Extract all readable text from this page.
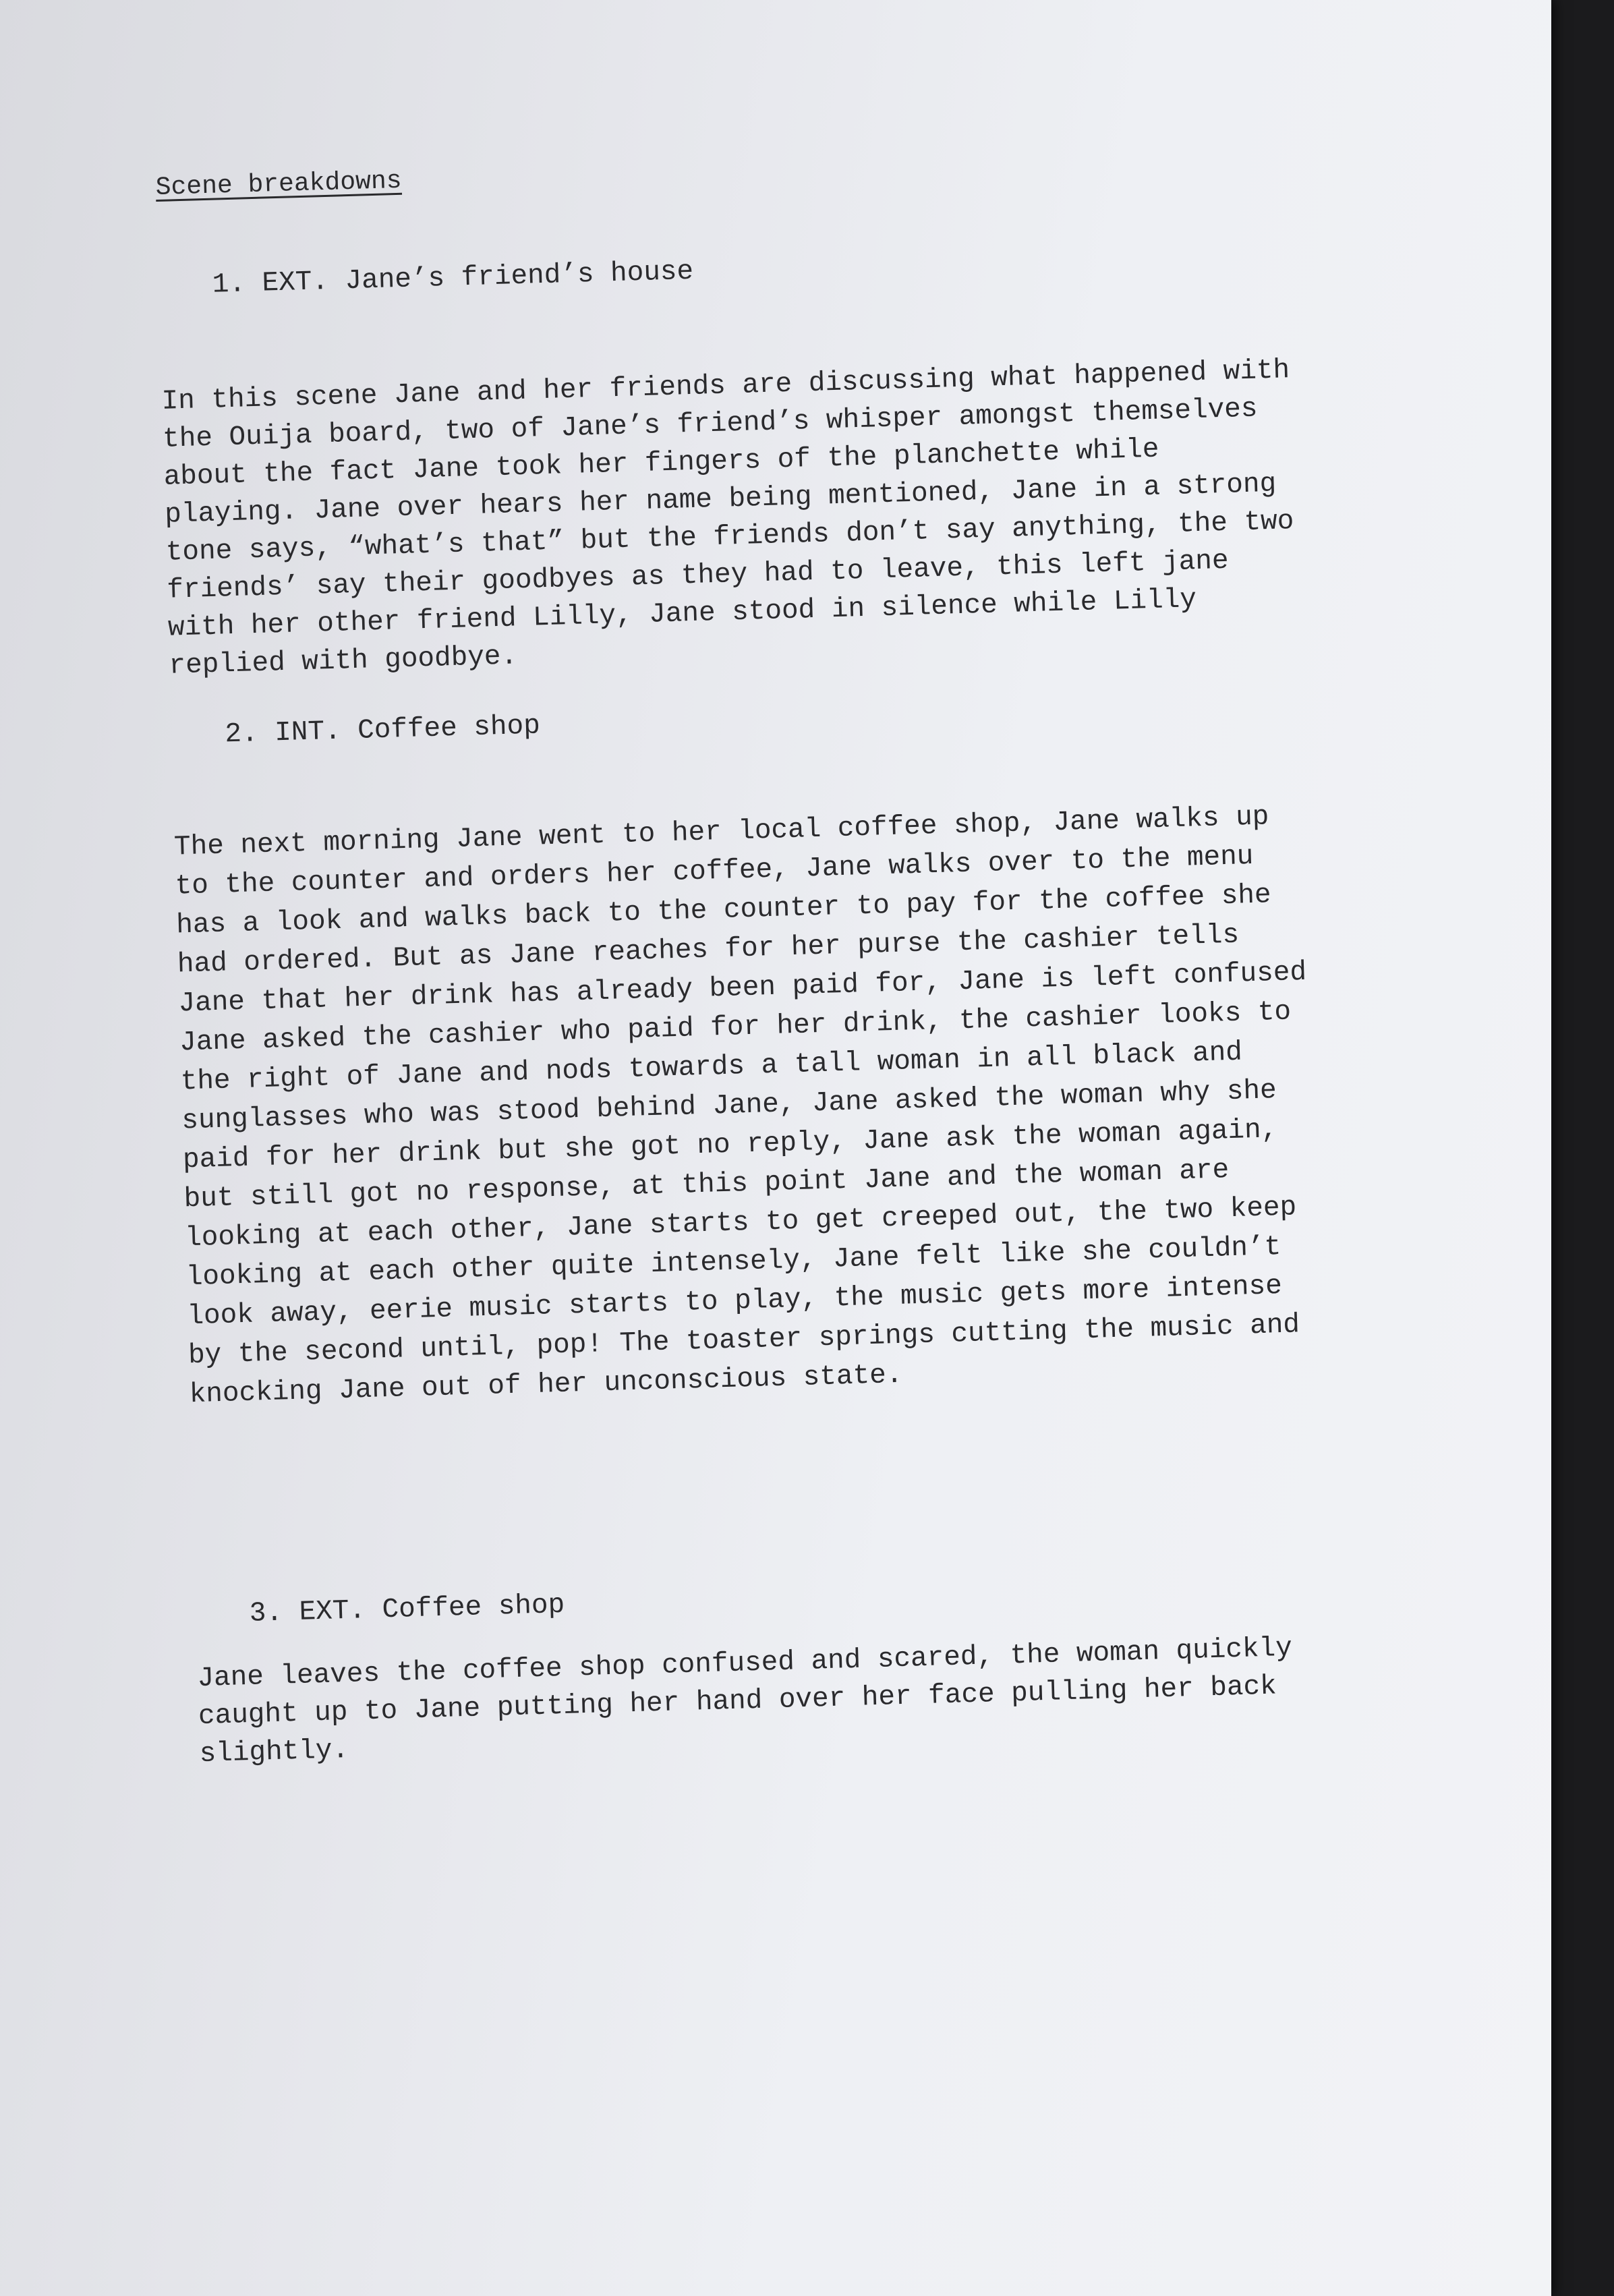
Scene breakdowns
1. EXT. Jane’s friend’s house

In this scene Jane and her friends are discussing what happened with
the Ouija board, two of Jane’s friend’s whisper amongst themselves
about the fact Jane took her fingers of the planchette while
playing. Jane over hears her name being mentioned, Jane in a strong
tone says, “what’s that” but the friends don’t say anything, the two
friends’ say their goodbyes as they had to leave, this left jane
with her other friend Lilly, Jane stood in silence while Lilly
replied with goodbye.

2. INT. Coffee shop

The next morning Jane went to her local coffee shop, Jane walks up
to the counter and orders her coffee, Jane walks over to the menu
has a look and walks back to the counter to pay for the coffee she
had ordered. But as Jane reaches for her purse the cashier tells
Jane that her drink has already been paid for, Jane is left confused
Jane asked the cashier who paid for her drink, the cashier looks to
the right of Jane and nods towards a tall woman in all black and
sunglasses who was stood behind Jane, Jane asked the woman why she
paid for her drink but she got no reply, Jane ask the woman again,
but still got no response, at this point Jane and the woman are
looking at each other, Jane starts to get creeped out, the two keep
looking at each other quite intensely, Jane felt like she couldn’t
look away, eerie music starts to play, the music gets more intense
by the second until, pop! The toaster springs cutting the music and
knocking Jane out of her unconscious state.

3. EXT. Coffee shop

Jane leaves the coffee shop confused and scared, the woman quickly
caught up to Jane putting her hand over her face pulling her back
slightly.
